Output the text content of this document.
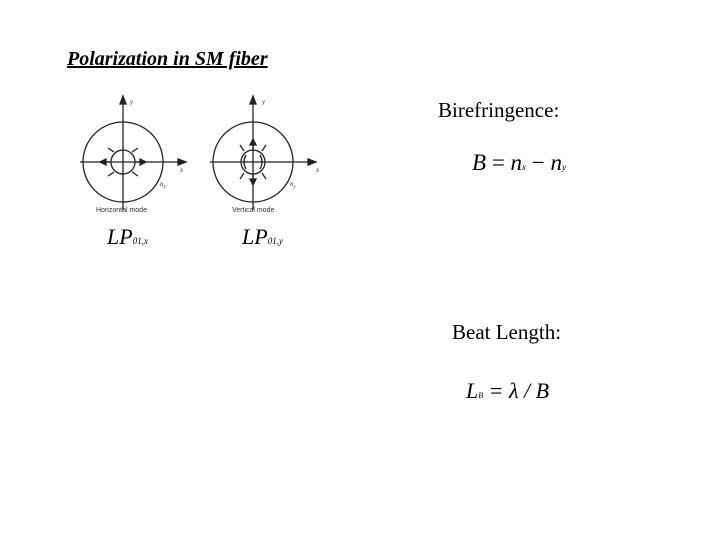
Polarization in SM fiber
y
x
$n_x$
y
x
$n_y$
Horizontal mode	Vertical mode
LP01,x	LP01,y
Birefringence:
B = nx − ny
Beat Length:
LB = λ / B
